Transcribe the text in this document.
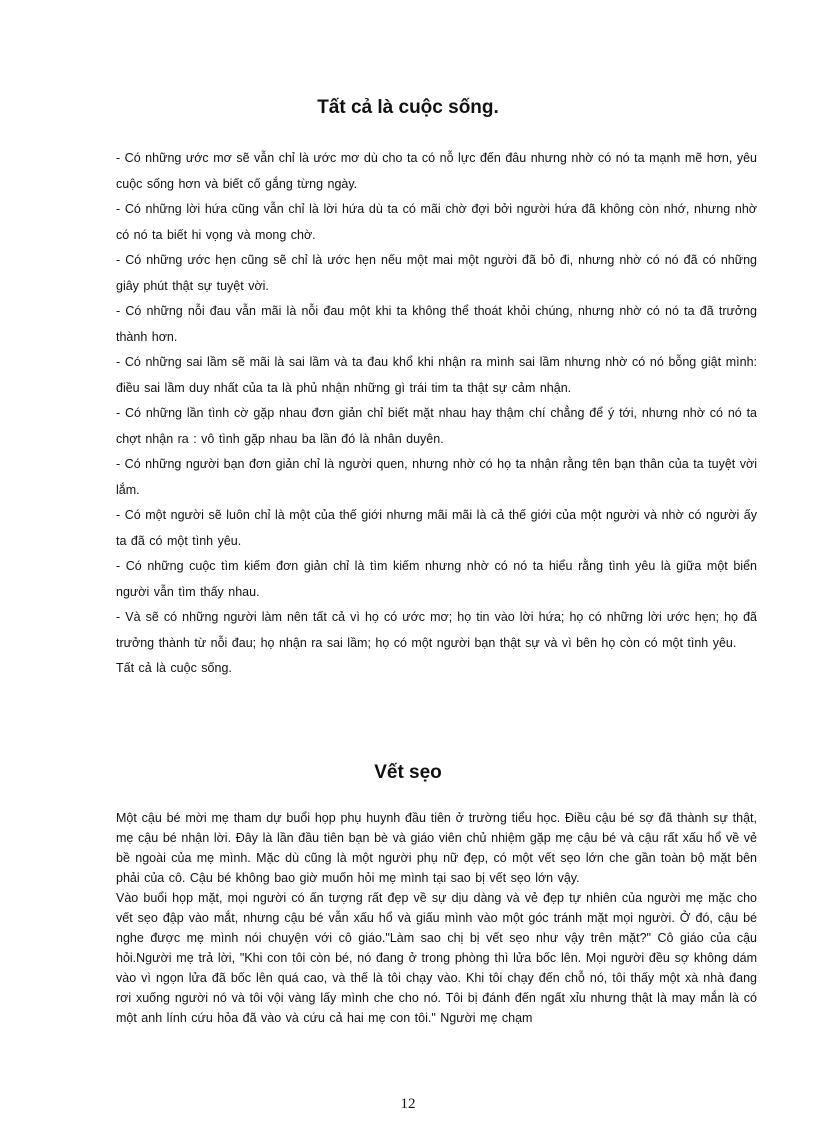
Tất cả là cuộc sống.

- Có những ước mơ sẽ vẫn chỉ là ước mơ dù cho ta có nỗ lực đến đâu nhưng nhờ có nó ta mạnh mẽ hơn, yêu cuộc sống hơn và biết cố gắng từng ngày.

- Có những lời hứa cũng vẫn chỉ là lời hứa dù ta có mãi chờ đợi bởi người hứa đã không còn nhớ, nhưng nhờ có nó ta biết hi vọng và mong chờ.

- Có những ước hẹn cũng sẽ chỉ là ước hẹn nếu một mai một người đã bỏ đi, nhưng nhờ có nó đã có những giây phút thật sự tuyệt vời.

- Có những nỗi đau vẫn mãi là nỗi đau một khi ta không thể thoát khỏi chúng, nhưng nhờ có nó ta đã trưởng thành hơn.

- Có những sai lầm sẽ mãi là sai lầm và ta đau khổ khi nhận ra mình sai lầm nhưng nhờ có nó bỗng giật mình: điều sai lầm duy nhất của ta là phủ nhận những gì trái tim ta thật sự cảm nhận.

- Có những lần tình cờ gặp nhau đơn giản chỉ biết mặt nhau hay thậm chí chẳng để ý tới, nhưng nhờ có nó ta chợt nhận ra : vô tình gặp nhau ba lần đó là nhân duyên.

- Có những người bạn đơn giản chỉ là người quen, nhưng nhờ có họ ta nhận rằng tên bạn thân của ta tuyệt vời lắm.

- Có một người sẽ luôn chỉ là một của thế giới nhưng mãi mãi là cả thế giới của một người và nhờ có người ấy ta đã có một tình yêu.

- Có những cuộc tìm kiếm đơn giản chỉ là tìm kiếm nhưng nhờ có nó ta hiểu rằng tình yêu là giữa một biển người vẫn tìm thấy nhau.

- Và sẽ có những người làm nên tất cả vì họ có ước mơ; họ tin vào lời hứa; họ có những lời ước hẹn; họ đã trưởng thành từ nỗi đau; họ nhận ra sai lầm; họ có một người bạn thật sự và vì bên họ còn có một tình yêu.

Tất cả là cuộc sống.

Vết sẹo

Một cậu bé mời mẹ tham dự buổi họp phụ huynh đầu tiên ở trường tiểu học. Điều cậu bé sợ đã thành sự thật, mẹ cậu bé nhận lời. Đây là lần đầu tiên bạn bè và giáo viên chủ nhiệm gặp mẹ cậu bé và cậu rất xấu hổ về vẻ bề ngoài của mẹ mình. Mặc dù cũng là một người phụ nữ đẹp, có một vết sẹo lớn che gần toàn bộ mặt bên phải của cô. Cậu bé không bao giờ muốn hỏi mẹ mình tại sao bị vết sẹo lớn vậy.

Vào buổi họp mặt, mọi người có ấn tượng rất đẹp về sự dịu dàng và vẻ đẹp tự nhiên của người mẹ mặc cho vết sẹo đập vào mắt, nhưng cậu bé vẫn xấu hổ và giấu mình vào một góc tránh mặt mọi người. Ở đó, cậu bé nghe được mẹ mình nói chuyện với cô giáo."Làm sao chị bị vết sẹo như vậy trên mặt?" Cô giáo của cậu hỏi.Người mẹ trả lời, "Khi con tôi còn bé, nó đang ở trong phòng thì lửa bốc lên. Mọi người đều sợ không dám vào vì ngọn lửa đã bốc lên quá cao, và thế là tôi chạy vào. Khi tôi chạy đến chỗ nó, tôi thấy một xà nhà đang rơi xuống người nó và tôi vội vàng lấy mình che cho nó. Tôi bị đánh đến ngất xỉu nhưng thật là may mắn là có một anh lính cứu hỏa đã vào và cứu cả hai mẹ con tôi." Người mẹ chạm

12
